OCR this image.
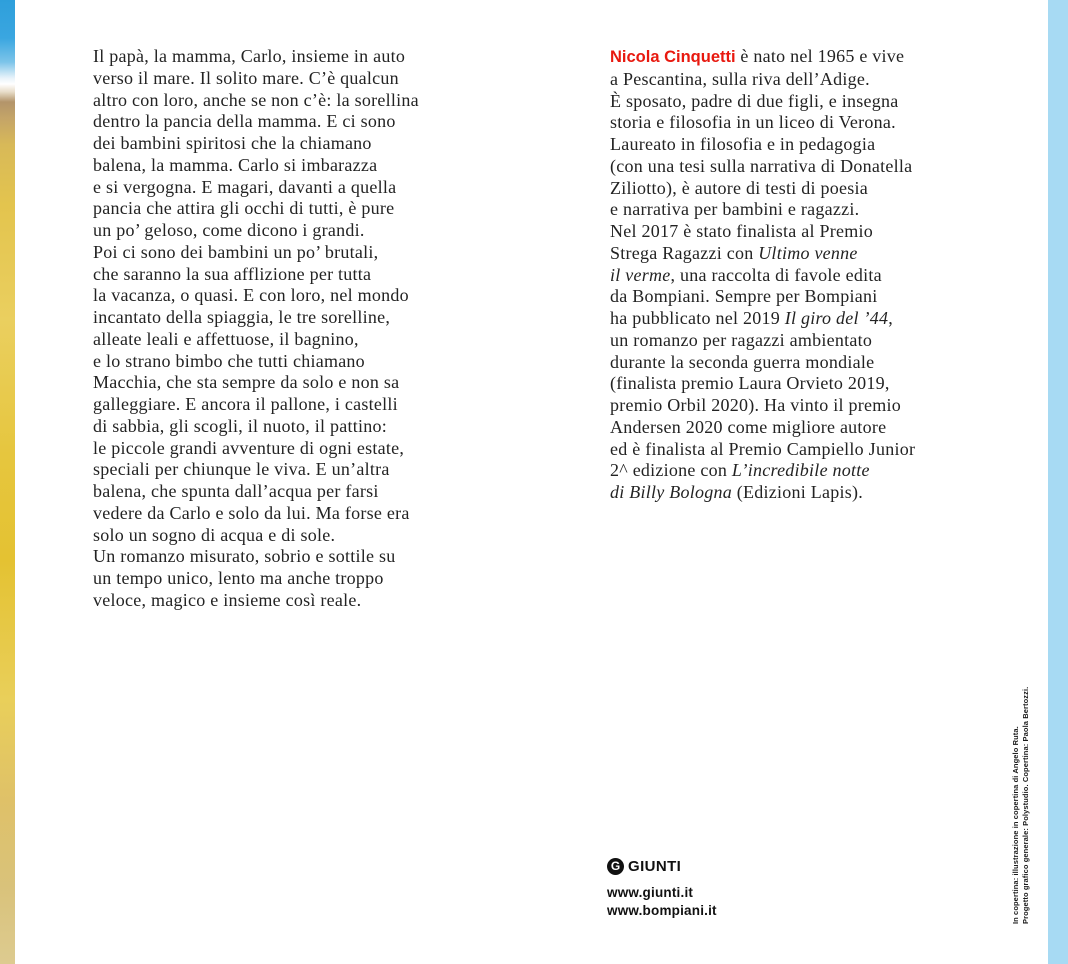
Il papà, la mamma, Carlo, insieme in auto
verso il mare. Il solito mare. C’è qualcun
altro con loro, anche se non c’è: la sorellina
dentro la pancia della mamma. E ci sono
dei bambini spiritosi che la chiamano
balena, la mamma. Carlo si imbarazza
e si vergogna. E magari, davanti a quella
pancia che attira gli occhi di tutti, è pure
un po’ geloso, come dicono i grandi.
Poi ci sono dei bambini un po’ brutali,
che saranno la sua afflizione per tutta
la vacanza, o quasi. E con loro, nel mondo
incantato della spiaggia, le tre sorelline,
alleate leali e affettuose, il bagnino,
e lo strano bimbo che tutti chiamano
Macchia, che sta sempre da solo e non sa
galleggiare. E ancora il pallone, i castelli
di sabbia, gli scogli, il nuoto, il pattino:
le piccole grandi avventure di ogni estate,
speciali per chiunque le viva. E un’altra
balena, che spunta dall’acqua per farsi
vedere da Carlo e solo da lui. Ma forse era
solo un sogno di acqua e di sole.
Un romanzo misurato, sobrio e sottile su
un tempo unico, lento ma anche troppo
veloce, magico e insieme così reale.
Nicola Cinquetti è nato nel 1965 e vive
a Pescantina, sulla riva dell’Adige.
È sposato, padre di due figli, e insegna
storia e filosofia in un liceo di Verona.
Laureato in filosofia e in pedagogia
(con una tesi sulla narrativa di Donatella
Ziliotto), è autore di testi di poesia
e narrativa per bambini e ragazzi.
Nel 2017 è stato finalista al Premio
Strega Ragazzi con Ultimo venne
il verme, una raccolta di favole edita
da Bompiani. Sempre per Bompiani
ha pubblicato nel 2019 Il giro del ’44,
un romanzo per ragazzi ambientato
durante la seconda guerra mondiale
(finalista premio Laura Orvieto 2019,
premio Orbil 2020). Ha vinto il premio
Andersen 2020 come migliore autore
ed è finalista al Premio Campiello Junior
2^ edizione con L’incredibile notte
di Billy Bologna (Edizioni Lapis).
G GIUNTI
www.giunti.it
www.bompiani.it	In copertina: illustrazione in copertina di Angelo Ruta. Progetto grafico generale: Polystudio. Copertina: Paola Bertozzi.
